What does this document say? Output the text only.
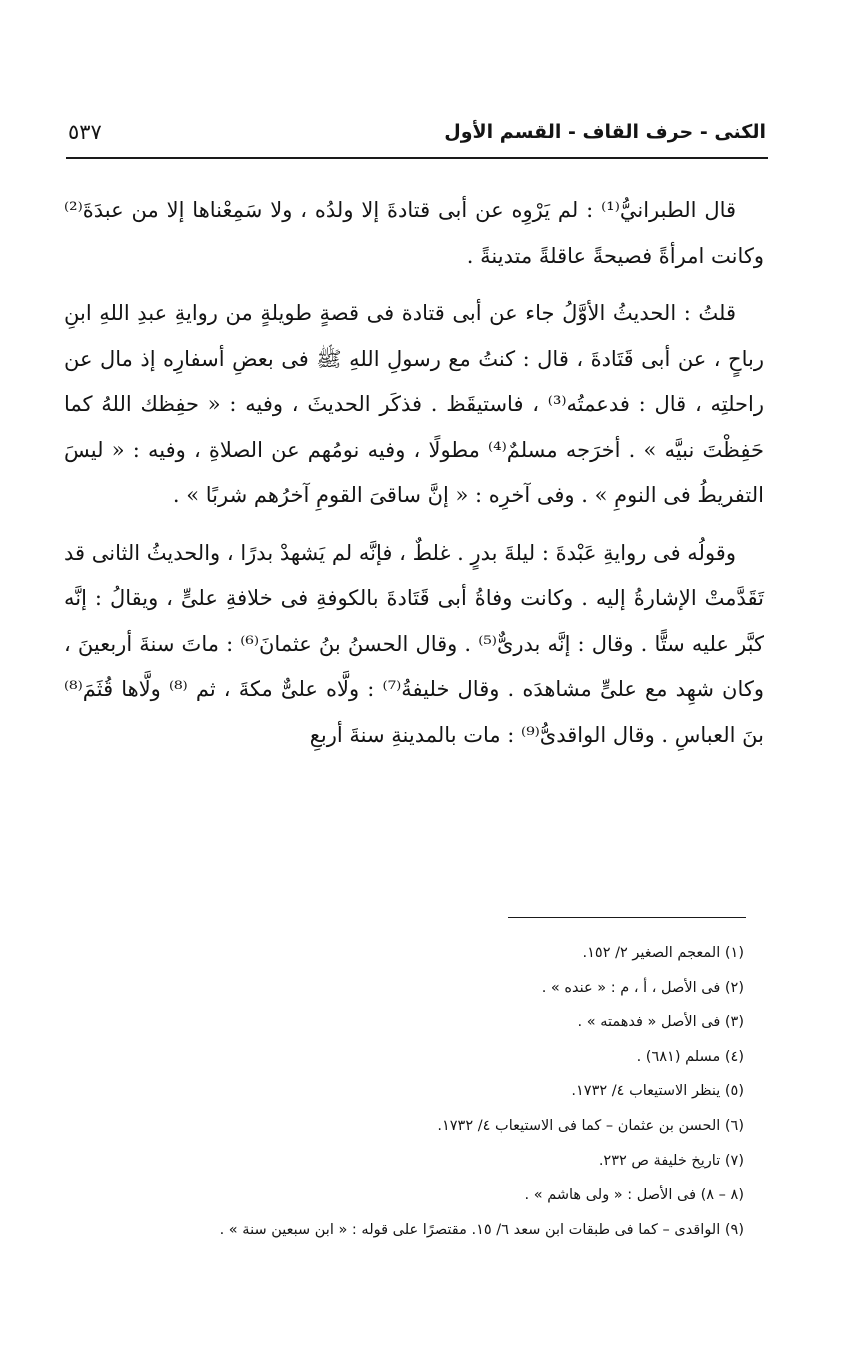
٥٣٧	الكنى - حرف القاف - القسم الأول

قال الطبرانيُّ⁽¹⁾ : لم يَرْوِه عن أبى قتادةَ إلا ولدُه ، ولا سَمِعْناها إلا من عبدَةَ⁽²⁾ وكانت امرأةً فصيحةً عاقلةً متدينةً .

قلتُ : الحديثُ الأوَّلُ جاء عن أبى قتادة فى قصةٍ طويلةٍ من روايةِ عبدِ اللهِ ابنِ رباحٍ ، عن أبى قَتَادةَ ، قال : كنتُ مع رسولِ اللهِ ﷺ فى بعضِ أسفارِه إذ مال عن راحلتِه ، قال : فدعمتُه⁽³⁾ ، فاستيقَظ . فذكَر الحديثَ ، وفيه : « حفِظك اللهُ كما حَفِظْتَ نبيَّه » . أخرَجه مسلمٌ⁽⁴⁾ مطولًا ، وفيه نومُهم عن الصلاةِ ، وفيه : « ليسَ التفريطُ فى النومِ » . وفى آخرِه : « إنَّ ساقىَ القومِ آخرُهم شربًا » .

وقولُه فى روايةِ عَبْدةَ : ليلةَ بدرٍ . غلطٌ ، فإنَّه لم يَشهدْ بدرًا ، والحديثُ الثانى قد تَقَدَّمتْ الإشارةُ إليه . وكانت وفاةُ أبى قَتَادةَ بالكوفةِ فى خلافةِ علىٍّ ، ويقالُ : إنَّه كبَّر عليه ستًّا . وقال : إنَّه بدرىٌّ⁽⁵⁾ . وقال الحسنُ بنُ عثمانَ⁽⁶⁾ : ماتَ سنةَ أربعينَ ، وكان شهِد مع علىٍّ مشاهدَه . وقال خليفةُ⁽⁷⁾ : ولَّاه علىٌّ مكةَ ، ثم ⁽⁸⁾ ولَّاها قُثَمَ⁽⁸⁾ بنَ العباسِ . وقال الواقدىُّ⁽⁹⁾ : مات بالمدينةِ سنةَ أربعِ

(١) المعجم الصغير ٢/ ١٥٢.
(٢) فى الأصل ، أ ، م : « عنده » .
(٣) فى الأصل « فدهمته » .
(٤) مسلم (٦٨١) .
(٥) ينظر الاستيعاب ٤/ ١٧٣٢.
(٦) الحسن بن عثمان – كما فى الاستيعاب ٤/ ١٧٣٢.
(٧) تاريخ خليفة ص ٢٣٢.
(٨ – ٨) فى الأصل : « ولى هاشم » .
(٩) الواقدى – كما فى طبقات ابن سعد ٦/ ١٥. مقتصرًا على قوله : « ابن سبعين سنة » .
